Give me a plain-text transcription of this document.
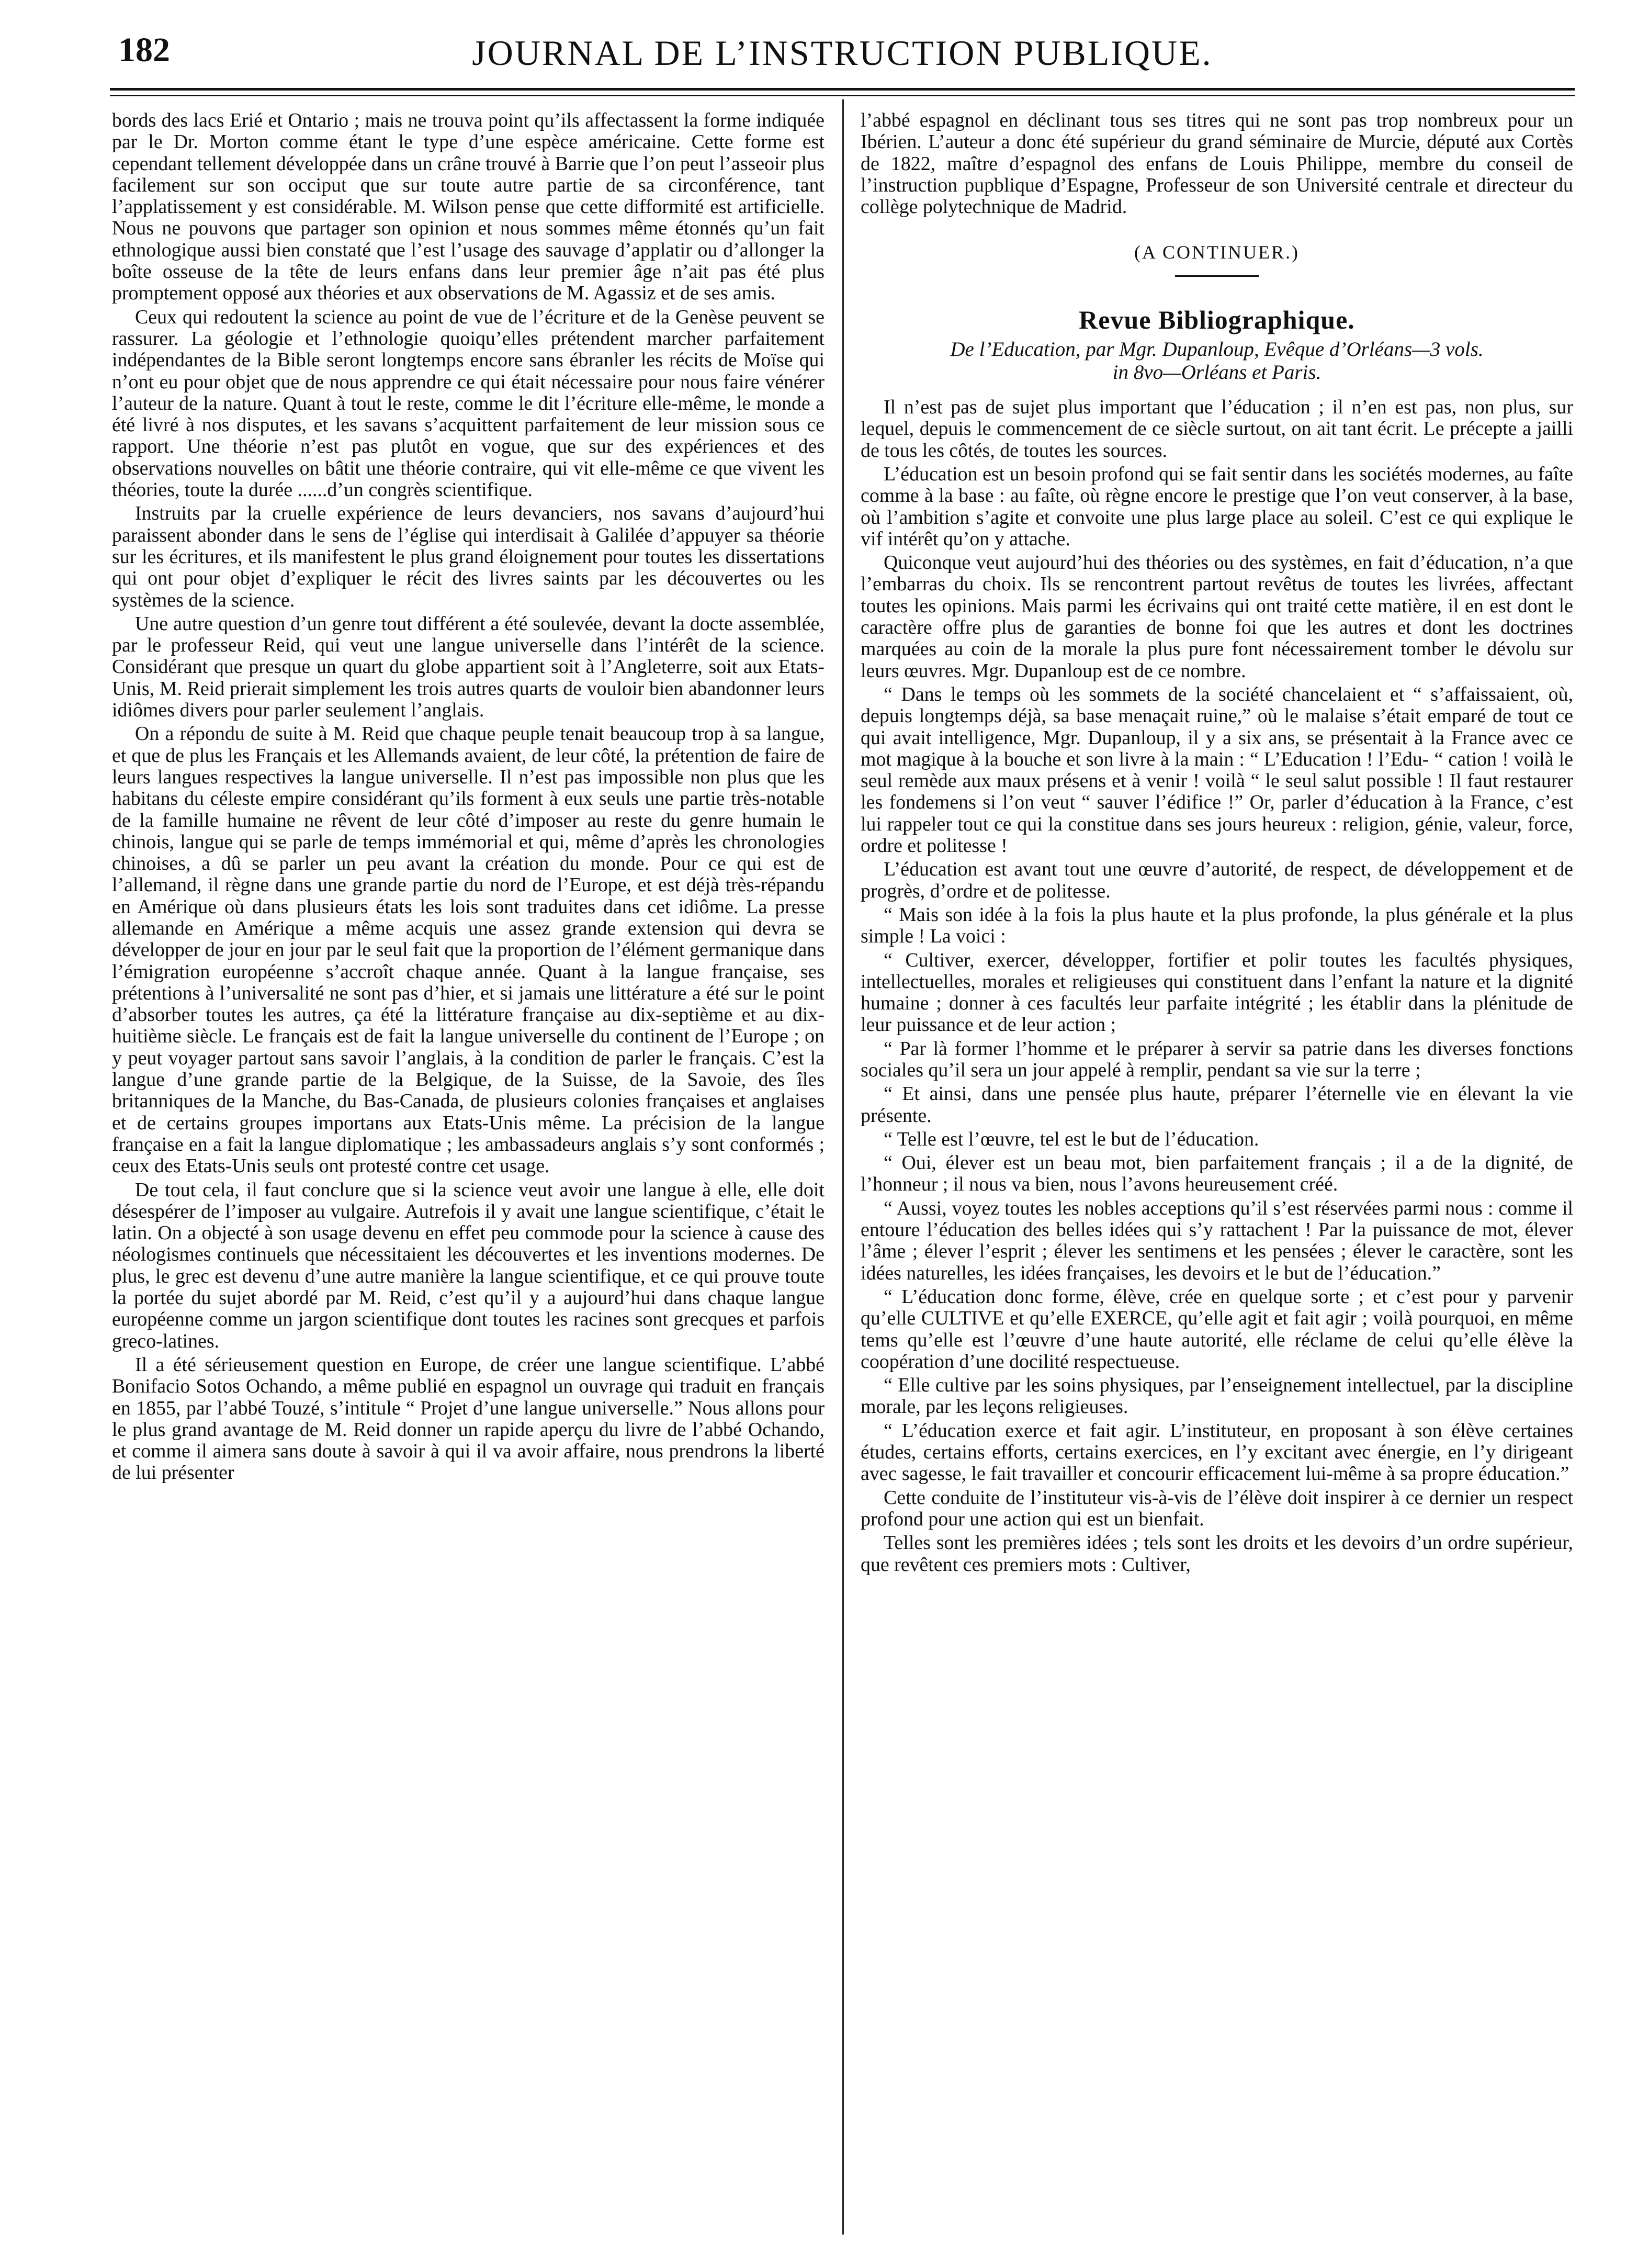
182	JOURNAL DE L’INSTRUCTION PUBLIQUE.

bords des lacs Erié et Ontario ; mais ne trouva point qu’ils affectassent la forme indiquée par le Dr. Morton comme étant le type d’une espèce américaine. Cette forme est cependant tellement développée dans un crâne trouvé à Barrie que l’on peut l’asseoir plus facilement sur son occiput que sur toute autre partie de sa circonférence, tant l’applatissement y est considérable. M. Wilson pense que cette difformité est artificielle. Nous ne pouvons que partager son opinion et nous sommes même étonnés qu’un fait ethnologique aussi bien constaté que l’est l’usage des sauvage d’applatir ou d’allonger la boîte osseuse de la tête de leurs enfans dans leur premier âge n’ait pas été plus promptement opposé aux théories et aux observations de M. Agassiz et de ses amis.

Ceux qui redoutent la science au point de vue de l’écriture et de la Genèse peuvent se rassurer. La géologie et l’ethnologie quoiqu’elles prétendent marcher parfaitement indépendantes de la Bible seront longtemps encore sans ébranler les récits de Moïse qui n’ont eu pour objet que de nous apprendre ce qui était nécessaire pour nous faire vénérer l’auteur de la nature. Quant à tout le reste, comme le dit l’écriture elle-même, le monde a été livré à nos disputes, et les savans s’acquittent parfaitement de leur mission sous ce rapport. Une théorie n’est pas plutôt en vogue, que sur des expériences et des observations nouvelles on bâtit une théorie contraire, qui vit elle-même ce que vivent les théories, toute la durée ......d’un congrès scientifique.

Instruits par la cruelle expérience de leurs devanciers, nos savans d’aujourd’hui paraissent abonder dans le sens de l’église qui interdisait à Galilée d’appuyer sa théorie sur les écritures, et ils manifestent le plus grand éloignement pour toutes les dissertations qui ont pour objet d’expliquer le récit des livres saints par les découvertes ou les systèmes de la science.

Une autre question d’un genre tout différent a été soulevée, devant la docte assemblée, par le professeur Reid, qui veut une langue universelle dans l’intérêt de la science. Considérant que presque un quart du globe appartient soit à l’Angleterre, soit aux Etats-Unis, M. Reid prierait simplement les trois autres quarts de vouloir bien abandonner leurs idiômes divers pour parler seulement l’anglais.

On a répondu de suite à M. Reid que chaque peuple tenait beaucoup trop à sa langue, et que de plus les Français et les Allemands avaient, de leur côté, la prétention de faire de leurs langues respectives la langue universelle. Il n’est pas impossible non plus que les habitans du céleste empire considérant qu’ils forment à eux seuls une partie très-notable de la famille humaine ne rêvent de leur côté d’imposer au reste du genre humain le chinois, langue qui se parle de temps immémorial et qui, même d’après les chronologies chinoises, a dû se parler un peu avant la création du monde. Pour ce qui est de l’allemand, il règne dans une grande partie du nord de l’Europe, et est déjà très-répandu en Amérique où dans plusieurs états les lois sont traduites dans cet idiôme. La presse allemande en Amérique a même acquis une assez grande extension qui devra se développer de jour en jour par le seul fait que la proportion de l’élément germanique dans l’émigration européenne s’accroît chaque année. Quant à la langue française, ses prétentions à l’universalité ne sont pas d’hier, et si jamais une littérature a été sur le point d’absorber toutes les autres, ça été la littérature française au dix-septième et au dix-huitième siècle. Le français est de fait la langue universelle du continent de l’Europe ; on y peut voyager partout sans savoir l’anglais, à la condition de parler le français. C’est la langue d’une grande partie de la Belgique, de la Suisse, de la Savoie, des îles britanniques de la Manche, du Bas-Canada, de plusieurs colonies françaises et anglaises et de certains groupes importans aux Etats-Unis même. La précision de la langue française en a fait la langue diplomatique ; les ambassadeurs anglais s’y sont conformés ; ceux des Etats-Unis seuls ont protesté contre cet usage.

De tout cela, il faut conclure que si la science veut avoir une langue à elle, elle doit désespérer de l’imposer au vulgaire. Autrefois il y avait une langue scientifique, c’était le latin. On a objecté à son usage devenu en effet peu commode pour la science à cause des néologismes continuels que nécessitaient les découvertes et les inventions modernes. De plus, le grec est devenu d’une autre manière la langue scientifique, et ce qui prouve toute la portée du sujet abordé par M. Reid, c’est qu’il y a aujourd’hui dans chaque langue européenne comme un jargon scientifique dont toutes les racines sont grecques et parfois greco-latines.

Il a été sérieusement question en Europe, de créer une langue scientifique. L’abbé Bonifacio Sotos Ochando, a même publié en espagnol un ouvrage qui traduit en français en 1855, par l’abbé Touzé, s’intitule “ Projet d’une langue universelle.” Nous allons pour le plus grand avantage de M. Reid donner un rapide aperçu du livre de l’abbé Ochando, et comme il aimera sans doute à savoir à qui il va avoir affaire, nous prendrons la liberté de lui présenter

l’abbé espagnol en déclinant tous ses titres qui ne sont pas trop nombreux pour un Ibérien. L’auteur a donc été supérieur du grand séminaire de Murcie, député aux Cortès de 1822, maître d’espagnol des enfans de Louis Philippe, membre du conseil de l’instruction pupblique d’Espagne, Professeur de son Université centrale et directeur du collège polytechnique de Madrid.

(A CONTINUER.)
Revue Bibliographique.
De l’Education, par Mgr. Dupanloup, Evêque d’Orléans—3 vols.
in 8vo—Orléans et Paris.

Il n’est pas de sujet plus important que l’éducation ; il n’en est pas, non plus, sur lequel, depuis le commencement de ce siècle surtout, on ait tant écrit. Le précepte a jailli de tous les côtés, de toutes les sources.

L’éducation est un besoin profond qui se fait sentir dans les sociétés modernes, au faîte comme à la base : au faîte, où règne encore le prestige que l’on veut conserver, à la base, où l’ambition s’agite et convoite une plus large place au soleil. C’est ce qui explique le vif intérêt qu’on y attache.

Quiconque veut aujourd’hui des théories ou des systèmes, en fait d’éducation, n’a que l’embarras du choix. Ils se rencontrent partout revêtus de toutes les livrées, affectant toutes les opinions. Mais parmi les écrivains qui ont traité cette matière, il en est dont le caractère offre plus de garanties de bonne foi que les autres et dont les doctrines marquées au coin de la morale la plus pure font nécessairement tomber le dévolu sur leurs œuvres. Mgr. Dupanloup est de ce nombre.

“ Dans le temps où les sommets de la société chancelaient et “ s’affaissaient, où, depuis longtemps déjà, sa base menaçait ruine,” où le malaise s’était emparé de tout ce qui avait intelligence, Mgr. Dupanloup, il y a six ans, se présentait à la France avec ce mot magique à la bouche et son livre à la main : “ L’Education ! l’Edu- “ cation ! voilà le seul remède aux maux présens et à venir ! voilà “ le seul salut possible ! Il faut restaurer les fondemens si l’on veut “ sauver l’édifice !” Or, parler d’éducation à la France, c’est lui rappeler tout ce qui la constitue dans ses jours heureux : religion, génie, valeur, force, ordre et politesse !

L’éducation est avant tout une œuvre d’autorité, de respect, de développement et de progrès, d’ordre et de politesse.

“ Mais son idée à la fois la plus haute et la plus profonde, la plus générale et la plus simple ! La voici :

“ Cultiver, exercer, développer, fortifier et polir toutes les facultés physiques, intellectuelles, morales et religieuses qui constituent dans l’enfant la nature et la dignité humaine ; donner à ces facultés leur parfaite intégrité ; les établir dans la plénitude de leur puissance et de leur action ;

“ Par là former l’homme et le préparer à servir sa patrie dans les diverses fonctions sociales qu’il sera un jour appelé à remplir, pendant sa vie sur la terre ;

“ Et ainsi, dans une pensée plus haute, préparer l’éternelle vie en élevant la vie présente.

“ Telle est l’œuvre, tel est le but de l’éducation.

“ Oui, élever est un beau mot, bien parfaitement français ; il a de la dignité, de l’honneur ; il nous va bien, nous l’avons heureusement créé.

“ Aussi, voyez toutes les nobles acceptions qu’il s’est réservées parmi nous : comme il entoure l’éducation des belles idées qui s’y rattachent ! Par la puissance de mot, élever l’âme ; élever l’esprit ; élever les sentimens et les pensées ; élever le caractère, sont les idées naturelles, les idées françaises, les devoirs et le but de l’éducation.”

“ L’éducation donc forme, élève, crée en quelque sorte ; et c’est pour y parvenir qu’elle CULTIVE et qu’elle EXERCE, qu’elle agit et fait agir ; voilà pourquoi, en même tems qu’elle est l’œuvre d’une haute autorité, elle réclame de celui qu’elle élève la coopération d’une docilité respectueuse.

“ Elle cultive par les soins physiques, par l’enseignement intellectuel, par la discipline morale, par les leçons religieuses.

“ L’éducation exerce et fait agir. L’instituteur, en proposant à son élève certaines études, certains efforts, certains exercices, en l’y excitant avec énergie, en l’y dirigeant avec sagesse, le fait travailler et concourir efficacement lui-même à sa propre éducation.”

Cette conduite de l’instituteur vis-à-vis de l’élève doit inspirer à ce dernier un respect profond pour une action qui est un bienfait.

Telles sont les premières idées ; tels sont les droits et les devoirs d’un ordre supérieur, que revêtent ces premiers mots : Cultiver,
